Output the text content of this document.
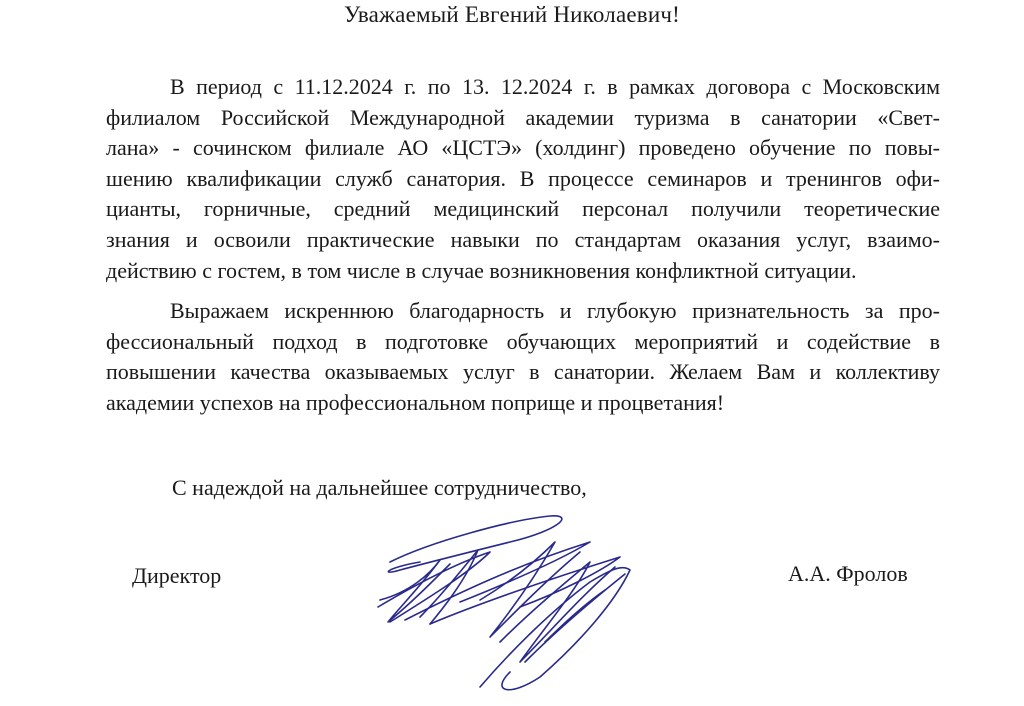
Уважаемый Евгений Николаевич!
В период с 11.12.2024 г. по 13. 12.2024 г. в рамках договора с Московским
филиалом Российской Международной академии туризма в санатории «Свет-
лана» - сочинском филиале АО «ЦСТЭ» (холдинг) проведено обучение по повы-
шению квалификации служб санатория. В процессе семинаров и тренингов офи-
цианты, горничные, средний медицинский персонал получили теоретические
знания и освоили практические навыки по стандартам оказания услуг, взаимо-
действию с гостем, в том числе в случае возникновения конфликтной ситуации.
Выражаем искреннюю благодарность и глубокую признательность за про-
фессиональный подход в подготовке обучающих мероприятий и содействие в
повышении качества оказываемых услуг в санатории. Желаем Вам и коллективу
академии успехов на профессиональном поприще и процветания!
С надеждой на дальнейшее сотрудничество,
Директор	А.А. Фролов
